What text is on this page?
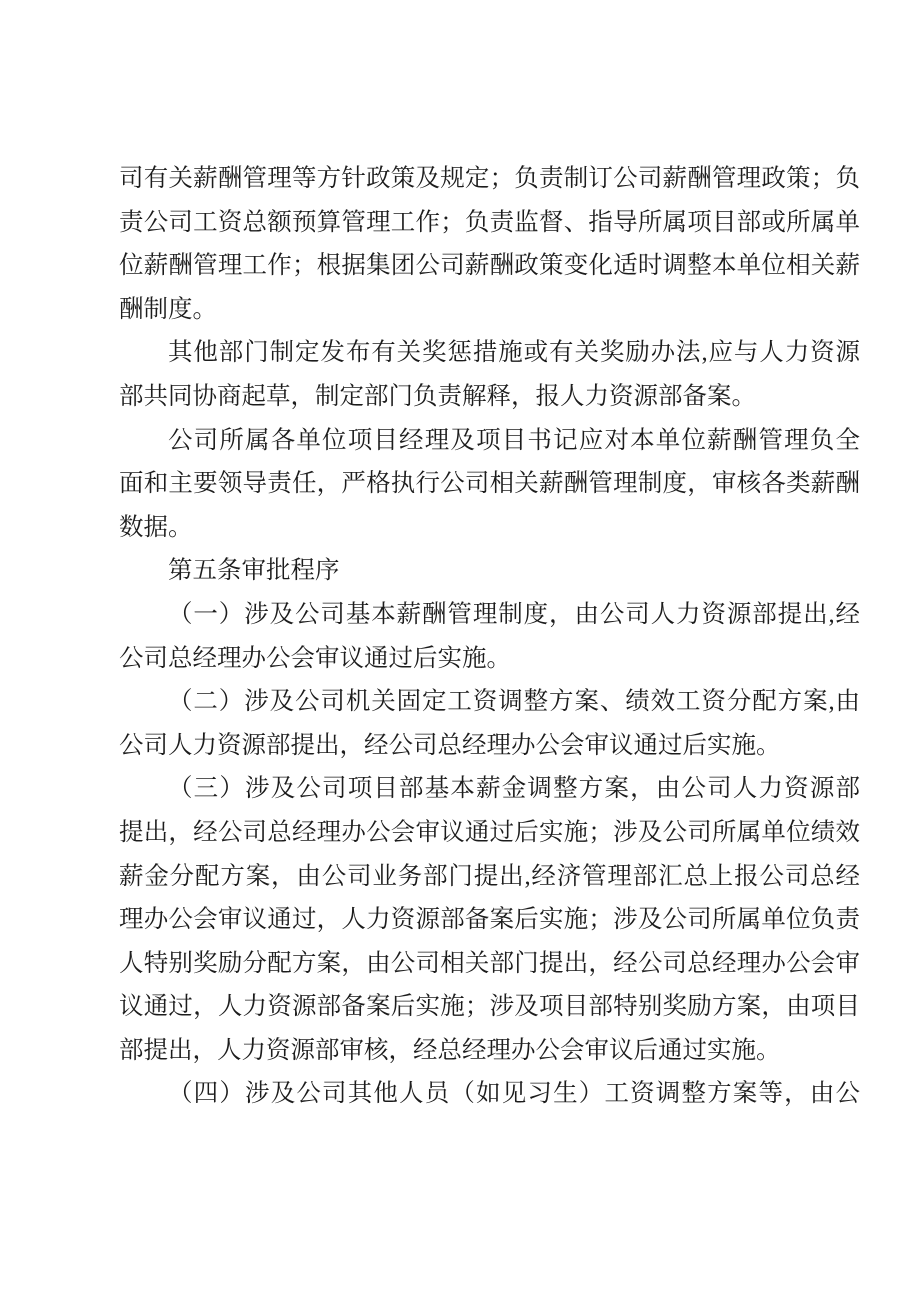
司有关薪酬管理等方针政策及规定；负责制订公司薪酬管理政策；负
责公司工资总额预算管理工作；负责监督、指导所属项目部或所属单
位薪酬管理工作；根据集团公司薪酬政策变化适时调整本单位相关薪
酬制度。
其他部门制定发布有关奖惩措施或有关奖励办法,应与人力资源
部共同协商起草，制定部门负责解释，报人力资源部备案。
公司所属各单位项目经理及项目书记应对本单位薪酬管理负全
面和主要领导责任，严格执行公司相关薪酬管理制度，审核各类薪酬
数据。
第五条审批程序
（一）涉及公司基本薪酬管理制度，由公司人力资源部提出,经
公司总经理办公会审议通过后实施。
（二）涉及公司机关固定工资调整方案、绩效工资分配方案,由
公司人力资源部提出，经公司总经理办公会审议通过后实施。
（三）涉及公司项目部基本薪金调整方案，由公司人力资源部
提出，经公司总经理办公会审议通过后实施；涉及公司所属单位绩效
薪金分配方案，由公司业务部门提出,经济管理部汇总上报公司总经
理办公会审议通过，人力资源部备案后实施；涉及公司所属单位负责
人特别奖励分配方案，由公司相关部门提出，经公司总经理办公会审
议通过，人力资源部备案后实施；涉及项目部特别奖励方案，由项目
部提出，人力资源部审核，经总经理办公会审议后通过实施。
（四）涉及公司其他人员（如见习生）工资调整方案等，由公
